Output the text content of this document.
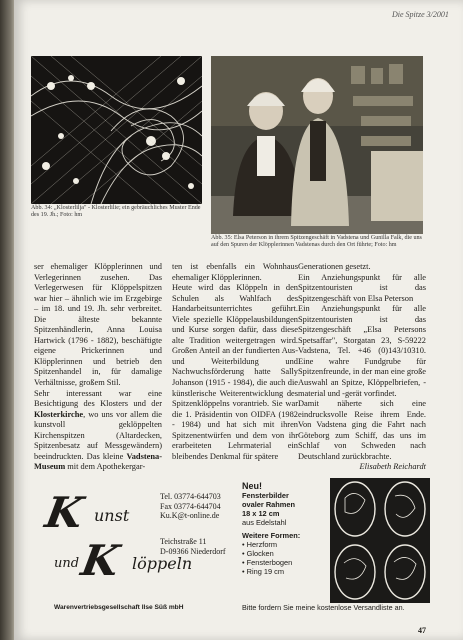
Die Spitze 3/2001
Abb. 34: „Klosterlilja" - Klosterlilie; ein gebräuchliches Muster Ende des 19. Jh.; Foto: hm
Abb. 35: Elsa Peterson in ihrem Spitzengeschäft in Vadstena und Gunilla Falk, die uns auf den Spuren der Klöpplerinnen Vadstenas durch den Ort führte; Foto: hm

ser ehemaliger Klöpplerinnen und Verlegerinnen zusehen. Das Verlegerwesen für Klöppelspitzen war hier – ähnlich wie im Erzgebirge – im 18. und 19. Jh. sehr verbreitet. Die älteste bekannte Spitzenhändlerin, Anna Louisa Hartwick (1796 - 1882), beschäftigte eigene Prickerinnen und Klöpplerinnen und betrieb den Spitzenhandel in, für damalige Verhältnisse, großem Stil.

Sehr interessant war eine Besichtigung des Klosters und der Klosterkirche, wo uns vor allem die kunstvoll geklöppelten Kirchenspitzen (Altardecken, Spitzenbesatz auf Messgewändern) beeindruckten. Das kleine Vadstena-Museum mit dem Apothekergar-

ten ist ebenfalls ein Wohnhaus ehemaliger Klöpplerinnen.

Heute wird das Klöppeln in den Schulen als Wahlfach des Handarbeitsunterrichtes geführt. Viele spezielle Klöppelausbildungen und Kurse sorgen dafür, dass diese alte Tradition weitergetragen wird. Großen Anteil an der fundierten Aus- und Weiterbildung und Nachwuchsförderung hatte Sally Johanson (1915 - 1984), die auch die künstlerische Weiterentwicklung des Spitzenklöppelns vorantrieb. Sie war die 1. Präsidentin von OIDFA (1982 - 1984) und hat sich mit ihren Spitzenentwürfen und dem von ihr erarbeiteten Lehrmaterial ein bleibendes Denkmal für spätere

Generationen gesetzt.

Ein Anziehungspunkt für alle Spitzentouristen ist das Spitzengeschäft von Elsa Peterson

Ein Anziehungspunkt für alle Spitzentouristen ist das Spitzengeschäft „Elsa Petersons Spetsaffar", Storgatan 23, S-59222 Vadstena, Tel. +46 (0)143/10310. Eine wahre Fundgrube für Spitzenfreunde, in der man eine große Auswahl an Spitze, Klöppelbriefen, -material und -gerät vorfindet.

Damit näherte sich eine eindrucksvolle Reise ihrem Ende. Von Vadstena ging die Fahrt nach Göteborg zum Schiff, das uns im Schlaf von Schweden nach Deutschland zurückbrachte.

Elisabeth Reichardt

K unst
und
K löppeln
Warenvertriebsgesellschaft Ilse Süß mbH
Tel. 03774-644703
Fax 03774-644704
Ku.K@t-online.de
Teichstraße 11
D-09366 Niederdorf
Neu!
Fensterbilder
ovaler Rahmen
18 x 12 cm
aus Edelstahl
Weitere Formen:
• Herzform
• Glocken
• Fensterbogen
• Ring 19 cm
Bitte fordern Sie meine kostenlose Versandliste an.
47
